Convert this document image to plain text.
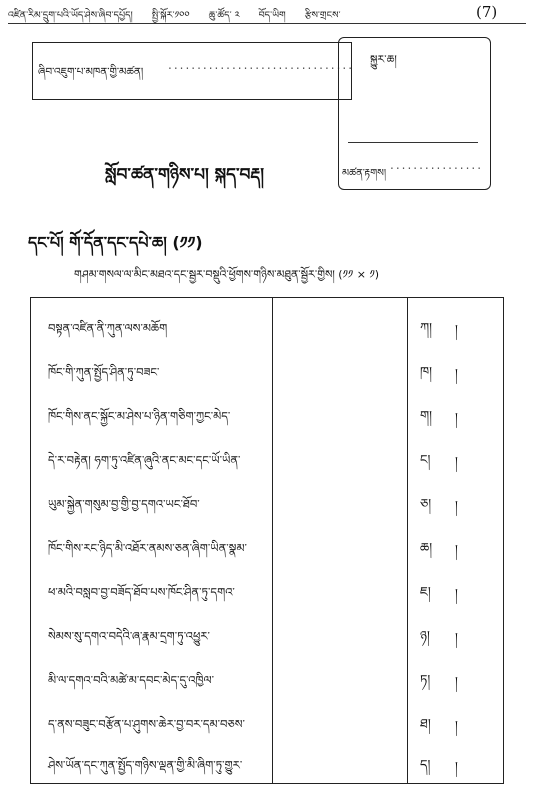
འཛིན་རིམ་དྲུག་པའི་ཡོད་ཤེས་ཞིབ་དཔྱོད། སྤྱི་སྐོར་༡༠༠ ཆུ་ཚོད་ ༢ བོད་ཡིག རྩིས་གྲངས་	(7)
ཞིབ་འཇུག་པ་མཁན་གྱི་མཚན། ................................ སྐྱུར་ཆ།
མཚན་རྟགས།
................
སློབ་ཚན་གཉིས་པ། སྐད་བརྡ།
དང་པོ། གོ་དོན་དང་དཔེ་ཆ། (༡༡)
གཤམ་གསལ་ལ་མིང་མཐའ་དང་སྦྱར་བསྡུའི་ཕྱོགས་གཉིས་མཐུན་སྦྱོར་གྱིས། (༡༡ × ༡)
བསྟན་འཛིན་ནི་ཀུན་ལས་མཆོག	ཀ། །
ཁོང་གི་ཀུན་སྤྱོད་ཤིན་ཏུ་བཟང་	ཁ། །
ཁོང་གིས་ནང་སྐྱོང་མ་ཤེས་པ་ཉིན་གཅིག་ཀྱང་མེད་	ག། །
དེ་ར་བརྟེན། ཧག་ཏུ་འཛིན་ཞུའི་ནང་མང་དང་ཡོ་ཡིན་	ང། །
ཡུམ་སྐྱེན་གསུམ་བྱ་གྱི་བྱ་དགའ་ཡང་ཐོབ་	ཅ། །
ཁོང་གིས་རང་ཉིད་མི་འཐོར་ནམས་ཅན་ཞིག་ཡིན་སྣམ་	ཆ། །
ཕ་མའི་བསླབ་བྱ་བཟོད་ཐོབ་པས་ཁོང་ཤིན་ཏུ་དགའ་	ཇ། །
སེམས་སུ་དགའ་བདེའི་ཞ་རྣམ་དྲག་ཏུ་འཕྱུར་	ཉ། །
མི་ལ་དགའ་བའི་མཚེ་མ་དབང་མེད་དུ་འཁྱིལ་	ཏ། །
ད་ནས་བཟུང་བརྩོན་པ་ཤུགས་ཆེར་བྱ་བར་དམ་བཅས་	ཐ། །
ཤེས་ཡོན་དང་ཀུན་སྤྱོད་གཉིས་ལྡན་གྱི་མི་ཞིག་ཏུ་གྱུར་	ད། །
